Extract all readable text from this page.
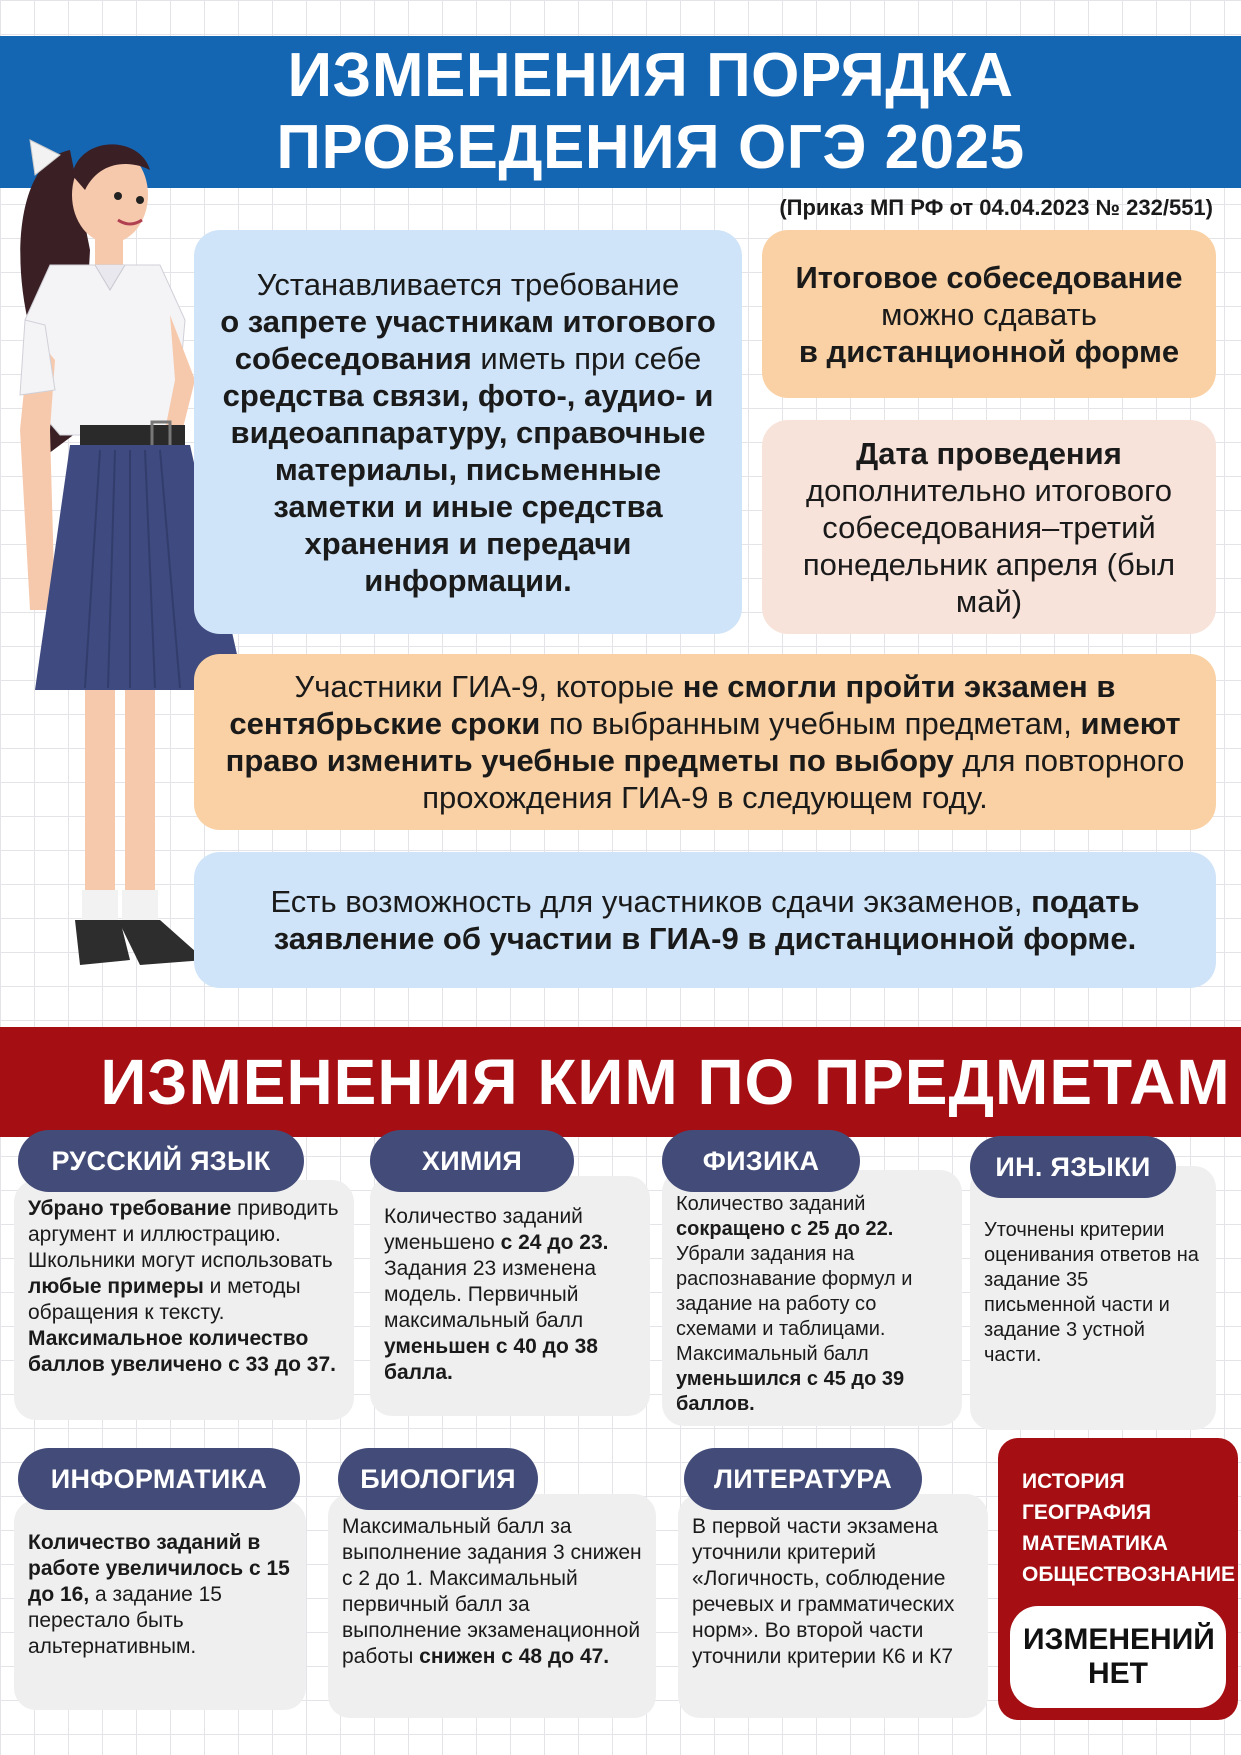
ИЗМЕНЕНИЯ ПОРЯДКА ПРОВЕДЕНИЯ ОГЭ 2025
(Приказ МП РФ от 04.04.2023 № 232/551)

Устанавливается требование
о запрете участникам итогового собеседования иметь при себе средства связи, фото-, аудио- и видеоаппаратуру, справочные материалы, письменные заметки и иные средства хранения и передачи информации.

Итоговое собеседование
можно сдавать
в дистанционной форме

Дата проведения
дополнительно итогового собеседования–третий понедельник апреля (был май)

Участники ГИА-9, которые не смогли пройти экзамен в сентябрьские сроки по выбранным учебным предметам, имеют право изменить учебные предметы по выбору для повторного прохождения ГИА-9 в следующем году.

Есть возможность для участников сдачи экзаменов, подать заявление об участии в ГИА-9 в дистанционной форме.

ИЗМЕНЕНИЯ КИМ ПО ПРЕДМЕТАМ

Убрано требование приводить аргумент и иллюстрацию. Школьники могут использовать любые примеры и методы обращения к тексту. Максимальное количество баллов увеличено с 33 до 37.

РУССКИЙ ЯЗЫК

Количество заданий уменьшено с 24 до 23. Задания 23 изменена модель. Первичный максимальный балл уменьшен с 40 до 38 балла.

ХИМИЯ

Количество заданий сокращено с 25 до 22. Убрали задания на распознавание формул и задание на работу со схемами и таблицами. Максимальный балл уменьшился с 45 до 39 баллов.

ФИЗИКА

Уточнены критерии оценивания ответов на задание 35 письменной части и задание 3 устной части.

ИН. ЯЗЫКИ

Количество заданий в работе увеличилось с 15 до 16, а задание 15 перестало быть альтернативным.

ИНФОРМАТИКА

Максимальный балл за выполнение задания 3 снижен с 2 до 1. Максимальный первичный балл за выполнение экзаменационной работы снижен с 48 до 47.

БИОЛОГИЯ

В первой части экзамена уточнили критерий «Логичность, соблюдение речевых и грамматических норм». Во второй части уточнили критерии К6 и К7

ЛИТЕРАТУРА	ИСТОРИЯ
ГЕОГРАФИЯ
МАТЕМАТИКА
ОБЩЕСТВОЗНАНИЕ
ИЗМЕНЕНИЙ НЕТ
